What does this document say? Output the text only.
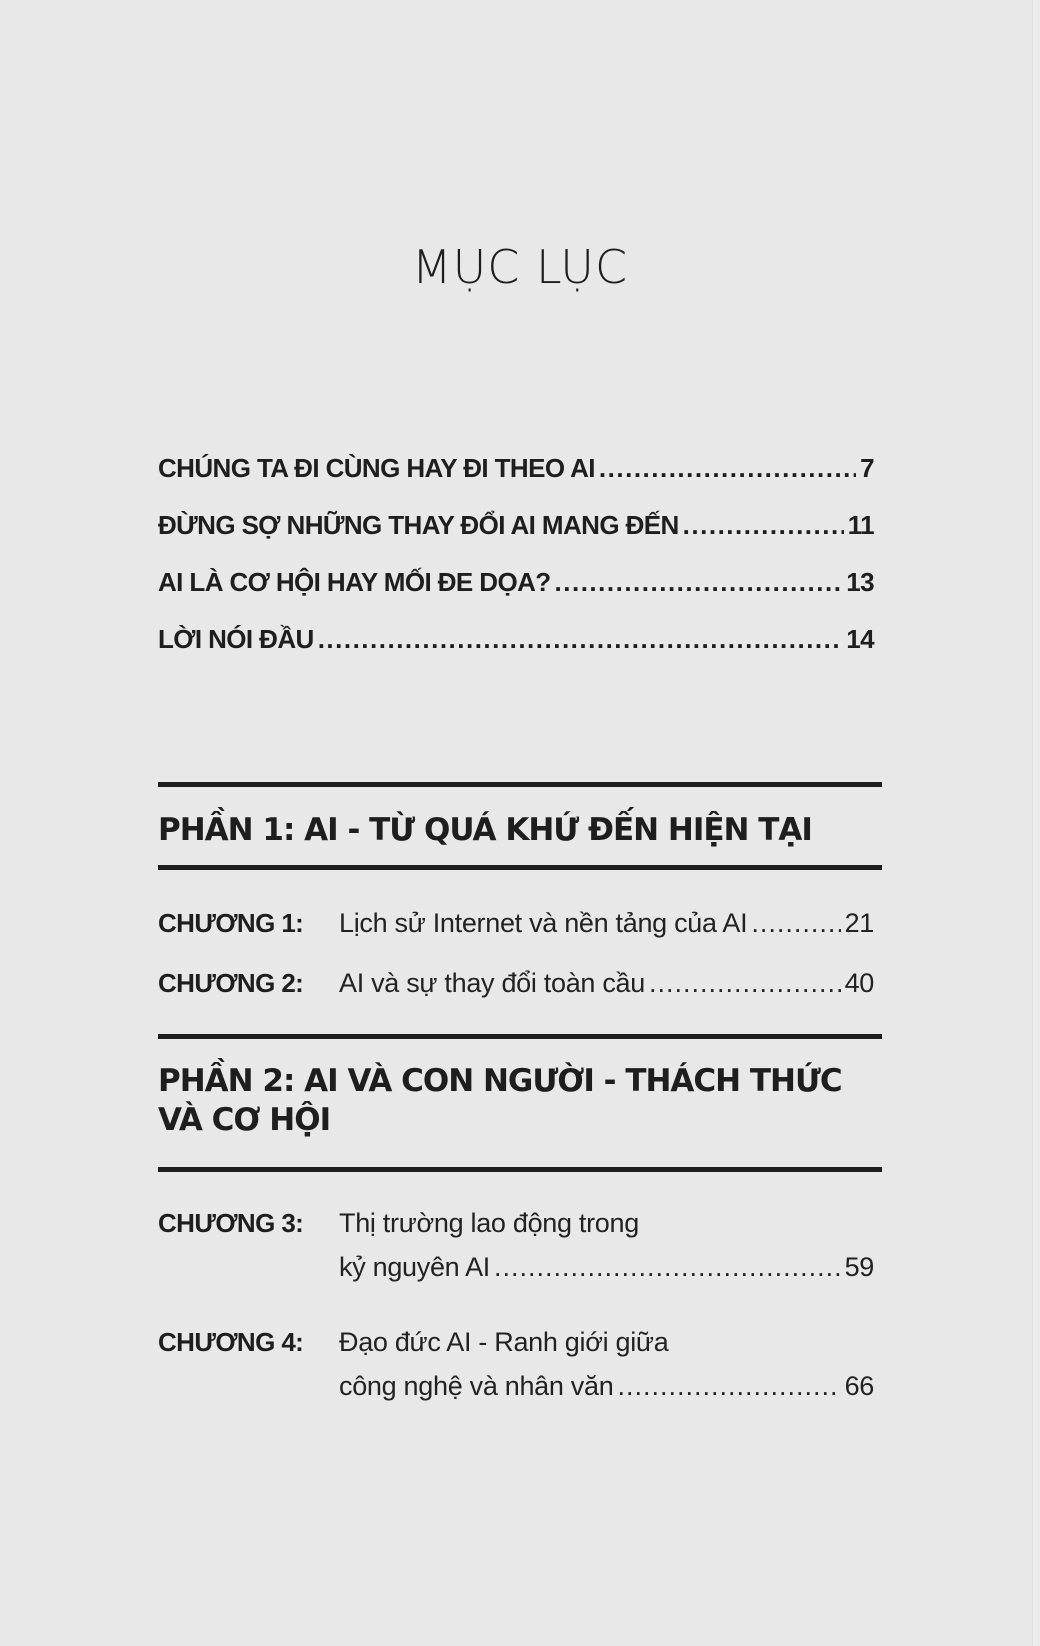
MỤC LỤC
CHÚNG TA ĐI CÙNG HAY ĐI THEO AI .....	7
ĐỪNG SỢ NHỮNG THAY ĐỔI AI MANG ĐẾN .....	11
AI LÀ CƠ HỘI HAY MỐI ĐE DỌA? .....	13
LỜI NÓI ĐẦU .....	14
PHẦN 1: AI - TỪ QUÁ KHỨ ĐẾN HIỆN TẠI
CHƯƠNG 1: Lịch sử Internet và nền tảng của AI .....	21
CHƯƠNG 2: AI và sự thay đổi toàn cầu .....	40
PHẦN 2: AI VÀ CON NGƯỜI - THÁCH THỨC
VÀ CƠ HỘI
CHƯƠNG 3: Thị trường lao động trong
kỷ nguyên AI .....	59
CHƯƠNG 4: Đạo đức AI - Ranh giới giữa
công nghệ và nhân văn .....	66
